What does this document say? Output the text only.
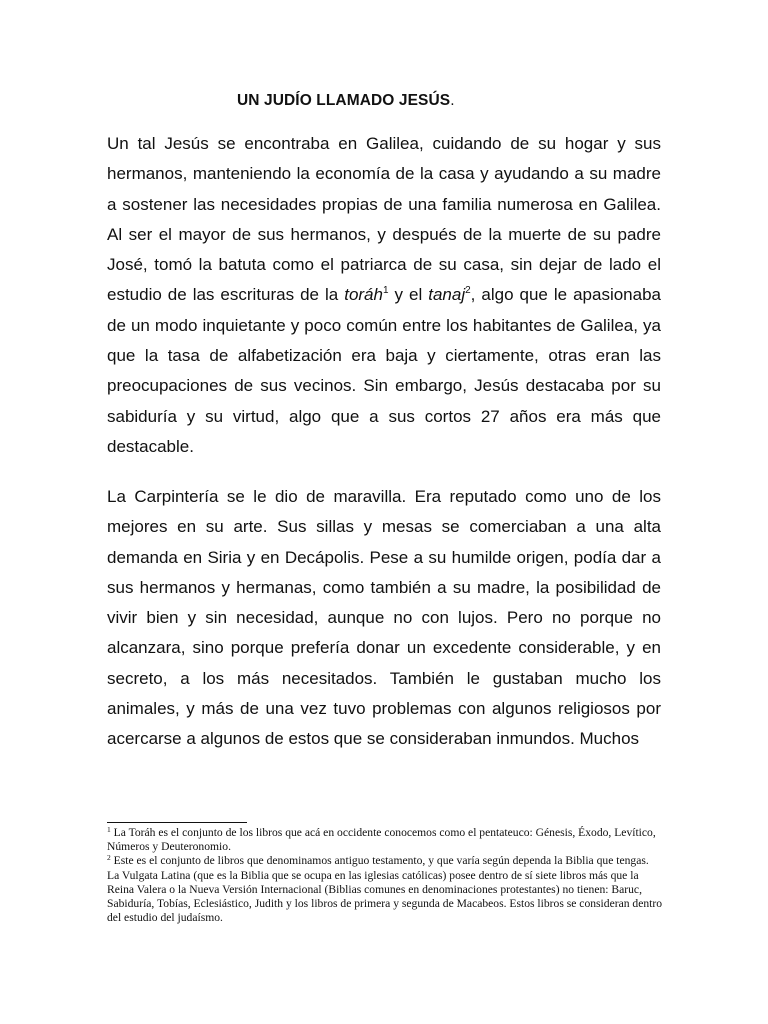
UN JUDÍO LLAMADO JESÚS.

Un tal Jesús se encontraba en Galilea, cuidando de su hogar y sus hermanos, manteniendo la economía de la casa y ayudando a su madre a sostener las necesidades propias de una familia numerosa en Galilea. Al ser el mayor de sus hermanos, y después de la muerte de su padre José, tomó la batuta como el patriarca de su casa, sin dejar de lado el estudio de las escrituras de la toráh$^1$ y el tanaj$^2$, algo que le apasionaba de un modo inquietante y poco común entre los habitantes de Galilea, ya que la tasa de alfabetización era baja y ciertamente, otras eran las preocupaciones de sus vecinos. Sin embargo, Jesús destacaba por su sabiduría y su virtud, algo que a sus cortos 27 años era más que destacable.

La Carpintería se le dio de maravilla. Era reputado como uno de los mejores en su arte. Sus sillas y mesas se comerciaban a una alta demanda en Siria y en Decápolis. Pese a su humilde origen, podía dar a sus hermanos y hermanas, como también a su madre, la posibilidad de vivir bien y sin necesidad, aunque no con lujos. Pero no porque no alcanzara, sino porque prefería donar un excedente considerable, y en secreto, a los más necesitados. También le gustaban mucho los animales, y más de una vez tuvo problemas con algunos religiosos por acercarse a algunos de estos que se consideraban inmundos. Muchos

$^1$ La Toráh es el conjunto de los libros que acá en occidente conocemos como el pentateuco: Génesis, Éxodo, Levítico, Números y Deuteronomio.

$^2$ Este es el conjunto de libros que denominamos antiguo testamento, y que varía según dependa la Biblia que tengas. La Vulgata Latina (que es la Biblia que se ocupa en las iglesias católicas) posee dentro de sí siete libros más que la Reina Valera o la Nueva Versión Internacional (Biblias comunes en denominaciones protestantes) no tienen: Baruc, Sabiduría, Tobías, Eclesiástico, Judith y los libros de primera y segunda de Macabeos. Estos libros se consideran dentro del estudio del judaísmo.
